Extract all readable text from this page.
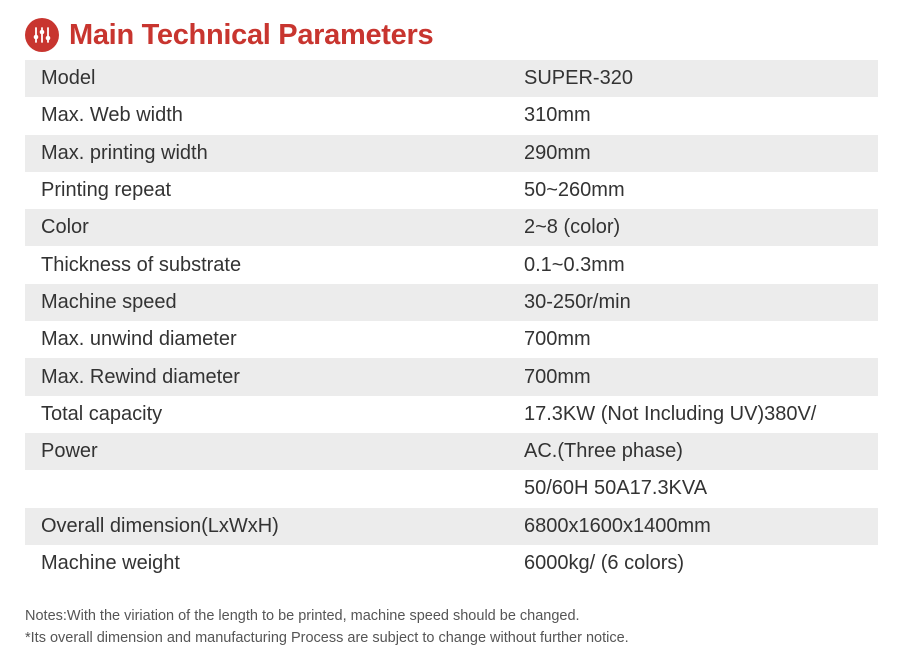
Main Technical Parameters
Model	SUPER-320
Max. Web width	310mm
Max. printing width	290mm
Printing repeat	50~260mm
Color	2~8 (color)
Thickness of substrate	0.1~0.3mm
Machine speed	30-250r/min
Max. unwind diameter	700mm
Max. Rewind diameter	700mm
Total capacity	17.3KW (Not Including UV)380V/
Power	AC.(Three phase)
50/60H 50A17.3KVA
Overall dimension(LxWxH)	6800x1600x1400mm
Machine weight	6000kg/ (6 colors)
Notes:With the viriation of the length to be printed, machine speed should be changed.
*Its overall dimension and manufacturing Process are subject to change without further notice.
